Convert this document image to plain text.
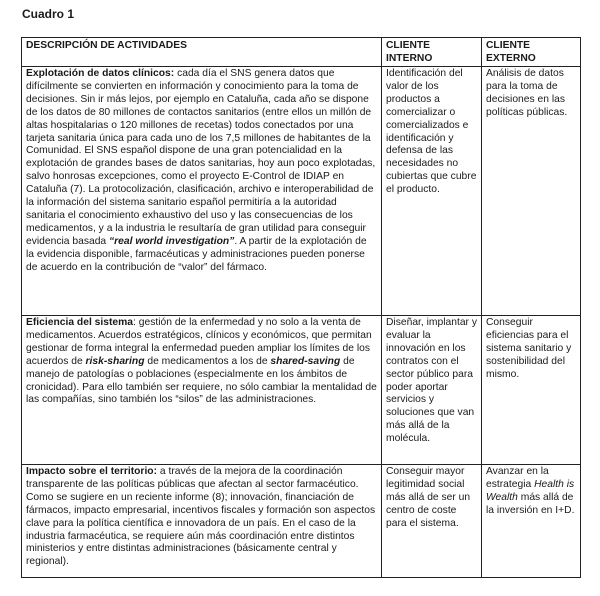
Cuadro 1
DESCRIPCIÓN DE ACTIVIDADES	CLIENTE INTERNO	CLIENTE EXTERNO
Explotación de datos clínicos: cada día el SNS genera datos que difícilmente se convierten en información y conocimiento para la toma de decisiones. Sin ir más lejos, por ejemplo en Cataluña, cada año se dispone de los datos de 80 millones de contactos sanitarios (entre ellos un millón de altas hospitalarias o 120 millones de recetas) todos conectados por una tarjeta sanitaria única para cada uno de los 7,5 millones de habitantes de la Comunidad. El SNS español dispone de una gran potencialidad en la explotación de grandes bases de datos sanitarias, hoy aun poco explotadas, salvo honrosas excepciones, como el proyecto E-Control de IDIAP en Cataluña (7). La protocolización, clasificación, archivo e interoperabilidad de la información del sistema sanitario español permitiría a la autoridad sanitaria el conocimiento exhaustivo del uso y las consecuencias de los medicamentos, y a la industria le resultaría de gran utilidad para conseguir evidencia basada “real world investigation”. A partir de la explotación de la evidencia disponible, farmacéuticas y administraciones pueden ponerse de acuerdo en la contribución de “valor” del fármaco.	Identificación del valor de los productos a comercializar o comercializados e identificación y defensa de las necesidades no cubiertas que cubre el producto.	Análisis de datos para la toma de decisiones en las políticas públicas.
Eficiencia del sistema: gestión de la enfermedad y no solo a la venta de medicamentos. Acuerdos estratégicos, clínicos y económicos, que permitan gestionar de forma integral la enfermedad pueden ampliar los límites de los acuerdos de risk-sharing de medicamentos a los de shared-saving de manejo de patologías o poblaciones (especialmente en los ámbitos de cronicidad). Para ello también ser requiere, no sólo cambiar la mentalidad de las compañías, sino también los “silos” de las administraciones.	Diseñar, implantar y evaluar la innovación en los contratos con el sector público para poder aportar servicios y soluciones que van más allá de la molécula.	Conseguir eficiencias para el sistema sanitario y sostenibilidad del mismo.
Impacto sobre el territorio: a través de la mejora de la coordinación transparente de las políticas públicas que afectan al sector farmacéutico. Como se sugiere en un reciente informe (8); innovación, financiación de fármacos, impacto empresarial, incentivos fiscales y formación son aspectos clave para la política científica e innovadora de un país. En el caso de la industria farmacéutica, se requiere aún más coordinación entre distintos ministerios y entre distintas administraciones (básicamente central y regional).	Conseguir mayor legitimidad social más allá de ser un centro de coste para el sistema.	Avanzar en la estrategia Health is Wealth más allá de la inversión en I+D.
